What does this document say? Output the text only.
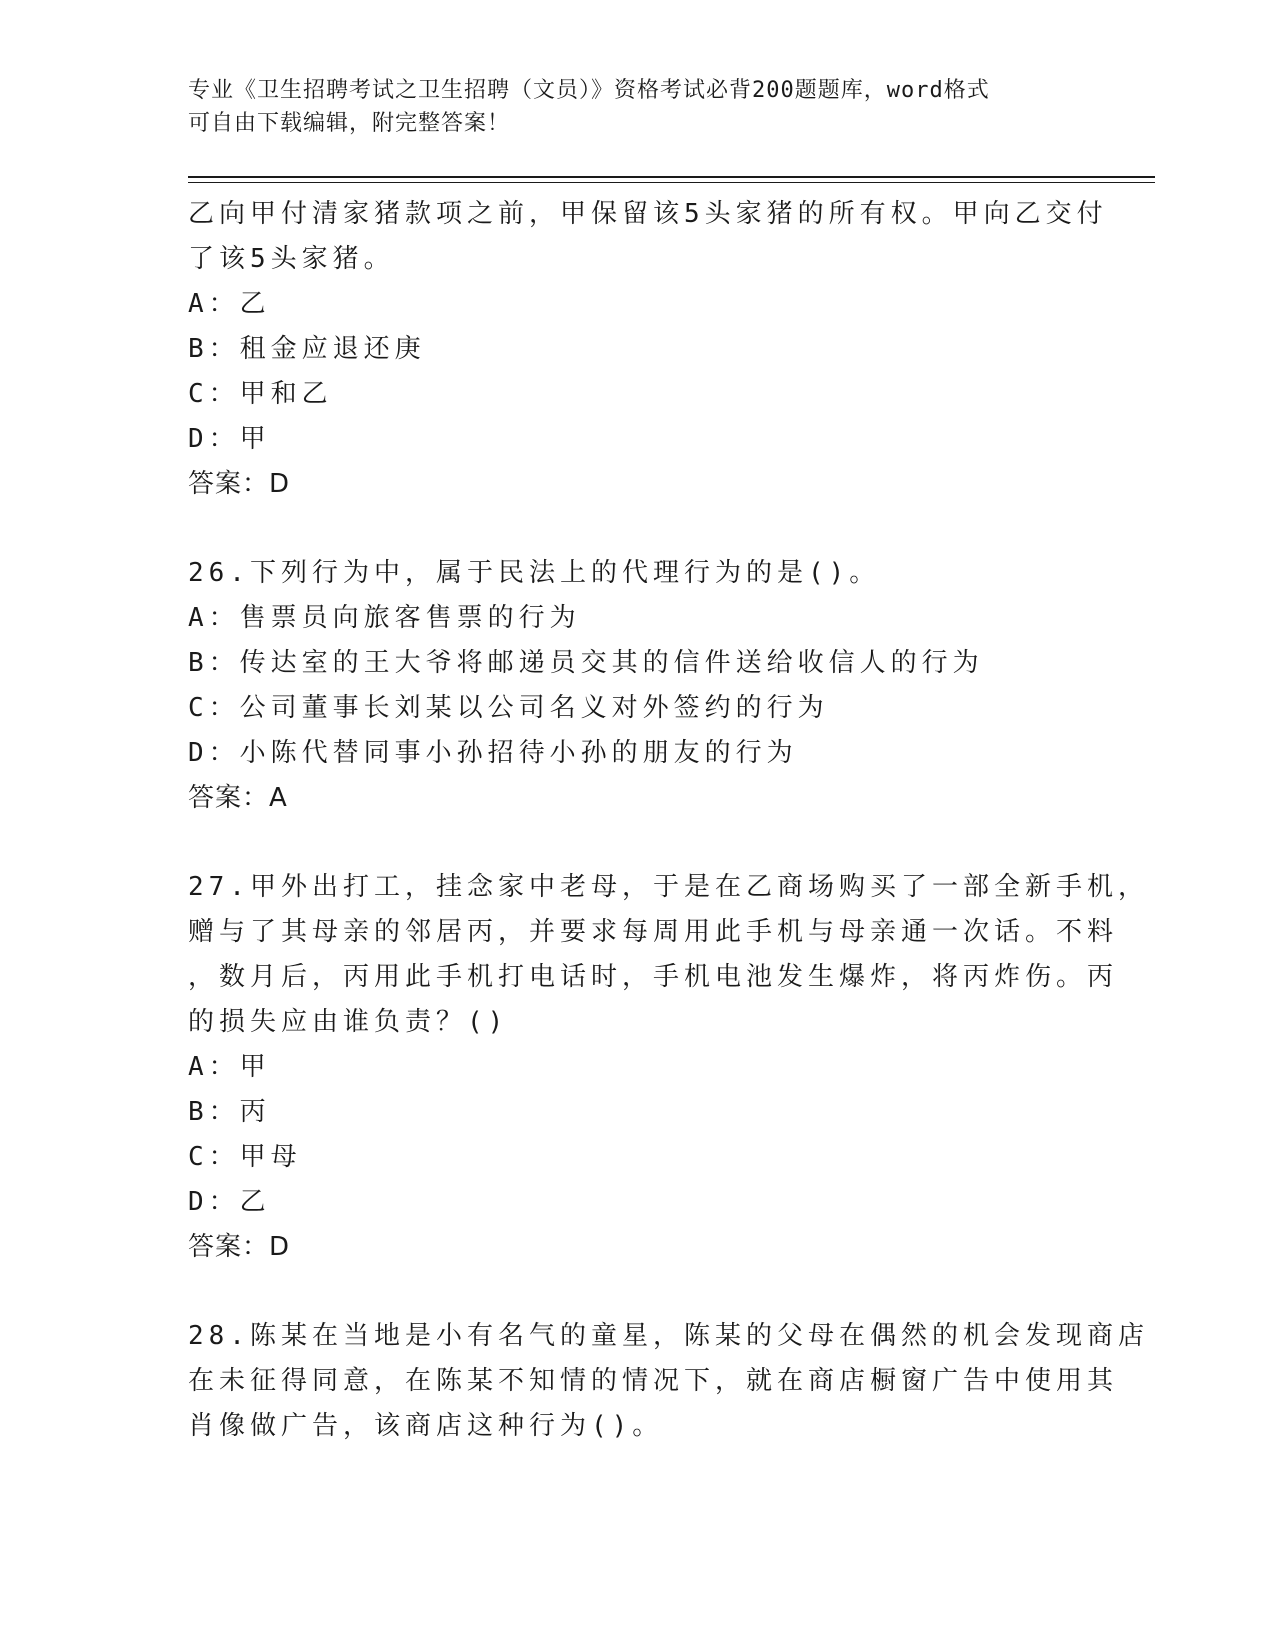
专业《卫生招聘考试之卫生招聘（文员）》资格考试必背200题题库，word格式
可自由下载编辑，附完整答案！
乙向甲付清家猪款项之前，甲保留该5头家猪的所有权。甲向乙交付
了该5头家猪。
A：乙
B：租金应退还庚
C：甲和乙
D：甲
答案：D
26.下列行为中，属于民法上的代理行为的是()。
A：售票员向旅客售票的行为
B：传达室的王大爷将邮递员交其的信件送给收信人的行为
C：公司董事长刘某以公司名义对外签约的行为
D：小陈代替同事小孙招待小孙的朋友的行为
答案：A
27.甲外出打工，挂念家中老母，于是在乙商场购买了一部全新手机，
赠与了其母亲的邻居丙，并要求每周用此手机与母亲通一次话。不料
，数月后，丙用此手机打电话时，手机电池发生爆炸，将丙炸伤。丙
的损失应由谁负责？()
A：甲
B：丙
C：甲母
D：乙
答案：D
28.陈某在当地是小有名气的童星，陈某的父母在偶然的机会发现商店
在未征得同意，在陈某不知情的情况下，就在商店橱窗广告中使用其
肖像做广告，该商店这种行为()。
